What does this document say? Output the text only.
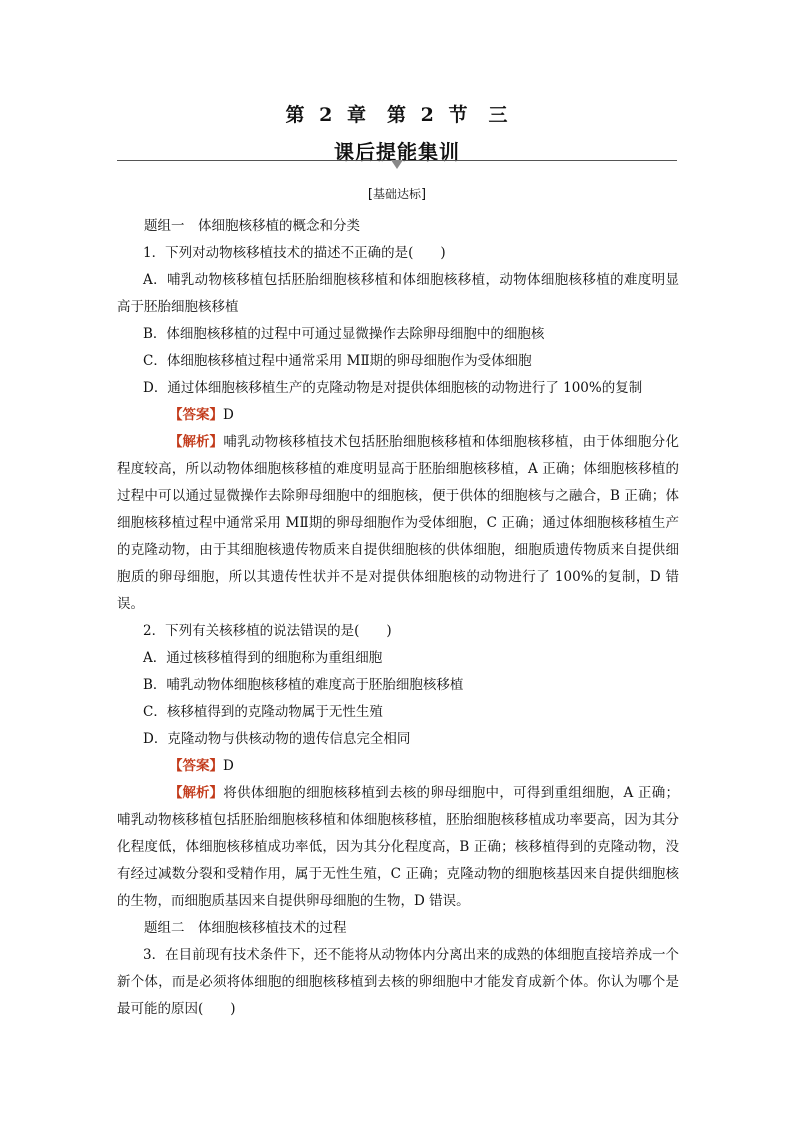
第 2 章　第 2 节　三
课后提能集训
[基础达标]

题组一　体细胞核移植的概念和分类

1．下列对动物核移植技术的描述不正确的是(　　)

A．哺乳动物核移植包括胚胎细胞核移植和体细胞核移植，动物体细胞核移植的难度明显高于胚胎细胞核移植

B．体细胞核移植的过程中可通过显微操作去除卵母细胞中的细胞核

C．体细胞核移植过程中通常采用 MⅡ期的卵母细胞作为受体细胞

D．通过体细胞核移植生产的克隆动物是对提供体细胞核的动物进行了 100%的复制

【答案】D

【解析】哺乳动物核移植技术包括胚胎细胞核移植和体细胞核移植，由于体细胞分化程度较高，所以动物体细胞核移植的难度明显高于胚胎细胞核移植，A 正确；体细胞核移植的过程中可以通过显微操作去除卵母细胞中的细胞核，便于供体的细胞核与之融合，B 正确；体细胞核移植过程中通常采用 MⅡ期的卵母细胞作为受体细胞，C 正确；通过体细胞核移植生产的克隆动物，由于其细胞核遗传物质来自提供细胞核的供体细胞，细胞质遗传物质来自提供细胞质的卵母细胞，所以其遗传性状并不是对提供体细胞核的动物进行了 100%的复制，D 错误。

2．下列有关核移植的说法错误的是(　　)

A．通过核移植得到的细胞称为重组细胞

B．哺乳动物体细胞核移植的难度高于胚胎细胞核移植

C．核移植得到的克隆动物属于无性生殖

D．克隆动物与供核动物的遗传信息完全相同

【答案】D

【解析】将供体细胞的细胞核移植到去核的卵母细胞中，可得到重组细胞，A 正确；哺乳动物核移植包括胚胎细胞核移植和体细胞核移植，胚胎细胞核移植成功率要高，因为其分化程度低，体细胞核移植成功率低，因为其分化程度高，B 正确；核移植得到的克隆动物，没有经过减数分裂和受精作用，属于无性生殖，C 正确；克隆动物的细胞核基因来自提供细胞核的生物，而细胞质基因来自提供卵母细胞的生物，D 错误。

题组二　体细胞核移植技术的过程

3．在目前现有技术条件下，还不能将从动物体内分离出来的成熟的体细胞直接培养成一个新个体，而是必须将体细胞的细胞核移植到去核的卵细胞中才能发育成新个体。你认为哪个是最可能的原因(　　)
